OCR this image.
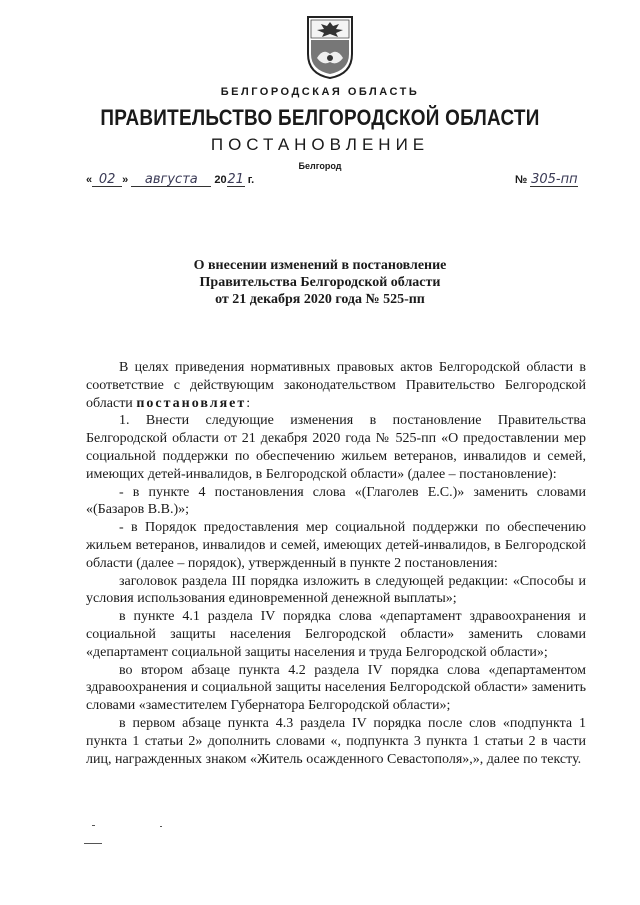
БЕЛГОРОДСКАЯ ОБЛАСТЬ
ПРАВИТЕЛЬСТВО БЕЛГОРОДСКОЙ ОБЛАСТИ
ПОСТАНОВЛЕНИЕ
Белгород
« 02 » августа 2021 г.	№ 305-пп
О внесении изменений в постановление
Правительства Белгородской области
от 21 декабря 2020 года № 525-пп

В целях приведения нормативных правовых актов Белгородской области в соответствие с действующим законодательством Правительство Белгородской области постановляет:

1. Внести следующие изменения в постановление Правительства Белгородской области от 21 декабря 2020 года № 525-пп «О предоставлении мер социальной поддержки по обеспечению жильем ветеранов, инвалидов и семей, имеющих детей-инвалидов, в Белгородской области» (далее – постановление):

- в пункте 4 постановления слова «(Глаголев Е.С.)» заменить словами «(Базаров В.В.)»;

- в Порядок предоставления мер социальной поддержки по обеспечению жильем ветеранов, инвалидов и семей, имеющих детей-инвалидов, в Белгородской области (далее – порядок), утвержденный в пункте 2 постановления:

заголовок раздела III порядка изложить в следующей редакции: «Способы и условия использования единовременной денежной выплаты»;

в пункте 4.1 раздела IV порядка слова «департамент здравоохранения и социальной защиты населения Белгородской области» заменить словами «департамент социальной защиты населения и труда Белгородской области»;

во втором абзаце пункта 4.2 раздела IV порядка слова «департаментом здравоохранения и социальной защиты населения Белгородской области» заменить словами «заместителем Губернатора Белгородской области»;

в первом абзаце пункта 4.3 раздела IV порядка после слов «подпункта 1 пункта 1 статьи 2» дополнить словами «, подпункта 3 пункта 1 статьи 2 в части лиц, награжденных знаком «Житель осажденного Севастополя»,», далее по тексту.
